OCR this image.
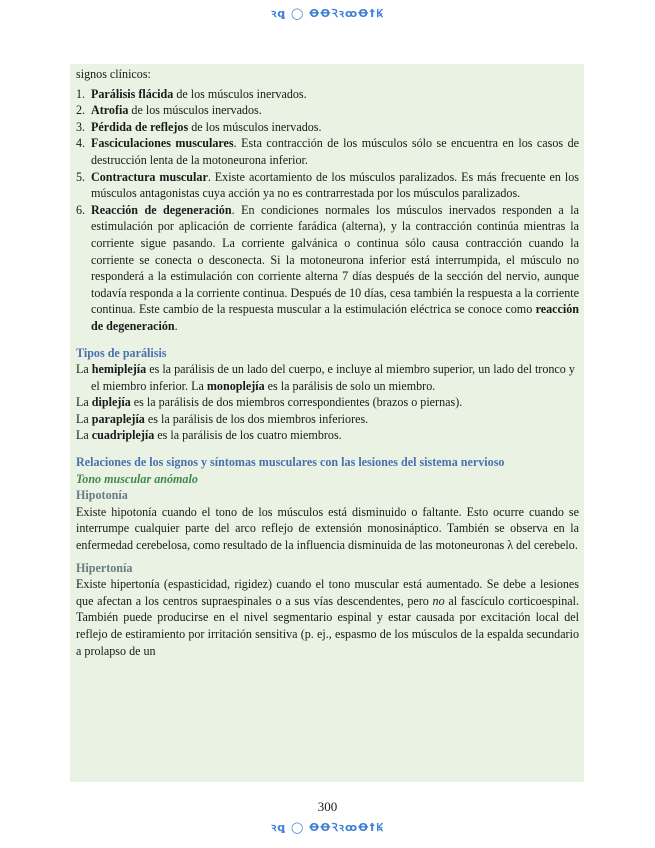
ꝛꝗ ◯ ꝊꝊꝚꝛꝏꝊꝉꝂ

signos clínicos:

1. Parálisis flácida de los músculos inervados.
2. Atrofia de los músculos inervados.
3. Pérdida de reflejos de los músculos inervados.
4. Fasciculaciones musculares. Esta contracción de los músculos sólo se encuentra en los casos de destrucción lenta de la motoneurona inferior.
5. Contractura muscular. Existe acortamiento de los músculos paralizados. Es más frecuente en los músculos antagonistas cuya acción ya no es contrarrestada por los músculos paralizados.
6. Reacción de degeneración. En condiciones normales los músculos inervados responden a la estimulación por aplicación de corriente farádica (alterna), y la contracción continúa mientras la corriente sigue pasando. La corriente galvánica o continua sólo causa contracción cuando la corriente se conecta o desconecta. Si la motoneurona inferior está interrumpida, el músculo no responderá a la estimulación con corriente alterna 7 días después de la sección del nervio, aunque todavía responda a la corriente continua. Después de 10 días, cesa también la respuesta a la corriente continua. Este cambio de la respuesta muscular a la estimulación eléctrica se conoce como reacción de degeneración.

Tipos de parálisis

La hemiplejía es la parálisis de un lado del cuerpo, e incluye al miembro superior, un lado del tronco y el miembro inferior. La monoplejía es la parálisis de solo un miembro.

La diplejía es la parálisis de dos miembros correspondientes (brazos o piernas).

La paraplejía es la parálisis de los dos miembros inferiores.

La cuadriplejía es la parálisis de los cuatro miembros.

Relaciones de los signos y síntomas musculares con las lesiones del sistema nervioso

Tono muscular anómalo

Hipotonía

Existe hipotonía cuando el tono de los músculos está disminuido o faltante. Esto ocurre cuando se interrumpe cualquier parte del arco reflejo de extensión monosináptico. También se observa en la enfermedad cerebelosa, como resultado de la influencia disminuida de las motoneuronas λ del cerebelo.

Hipertonía

Existe hipertonía (espasticidad, rigidez) cuando el tono muscular está aumentado. Se debe a lesiones que afectan a los centros supraespinales o a sus vías descendentes, pero no al fascículo corticoespinal. También puede producirse en el nivel segmentario espinal y estar causada por excitación local del reflejo de estiramiento por irritación sensitiva (p. ej., espasmo de los músculos de la espalda secundario a prolapso de un

300
ꝛꝗ ◯ ꝊꝊꝚꝛꝏꝊꝉꝂ
